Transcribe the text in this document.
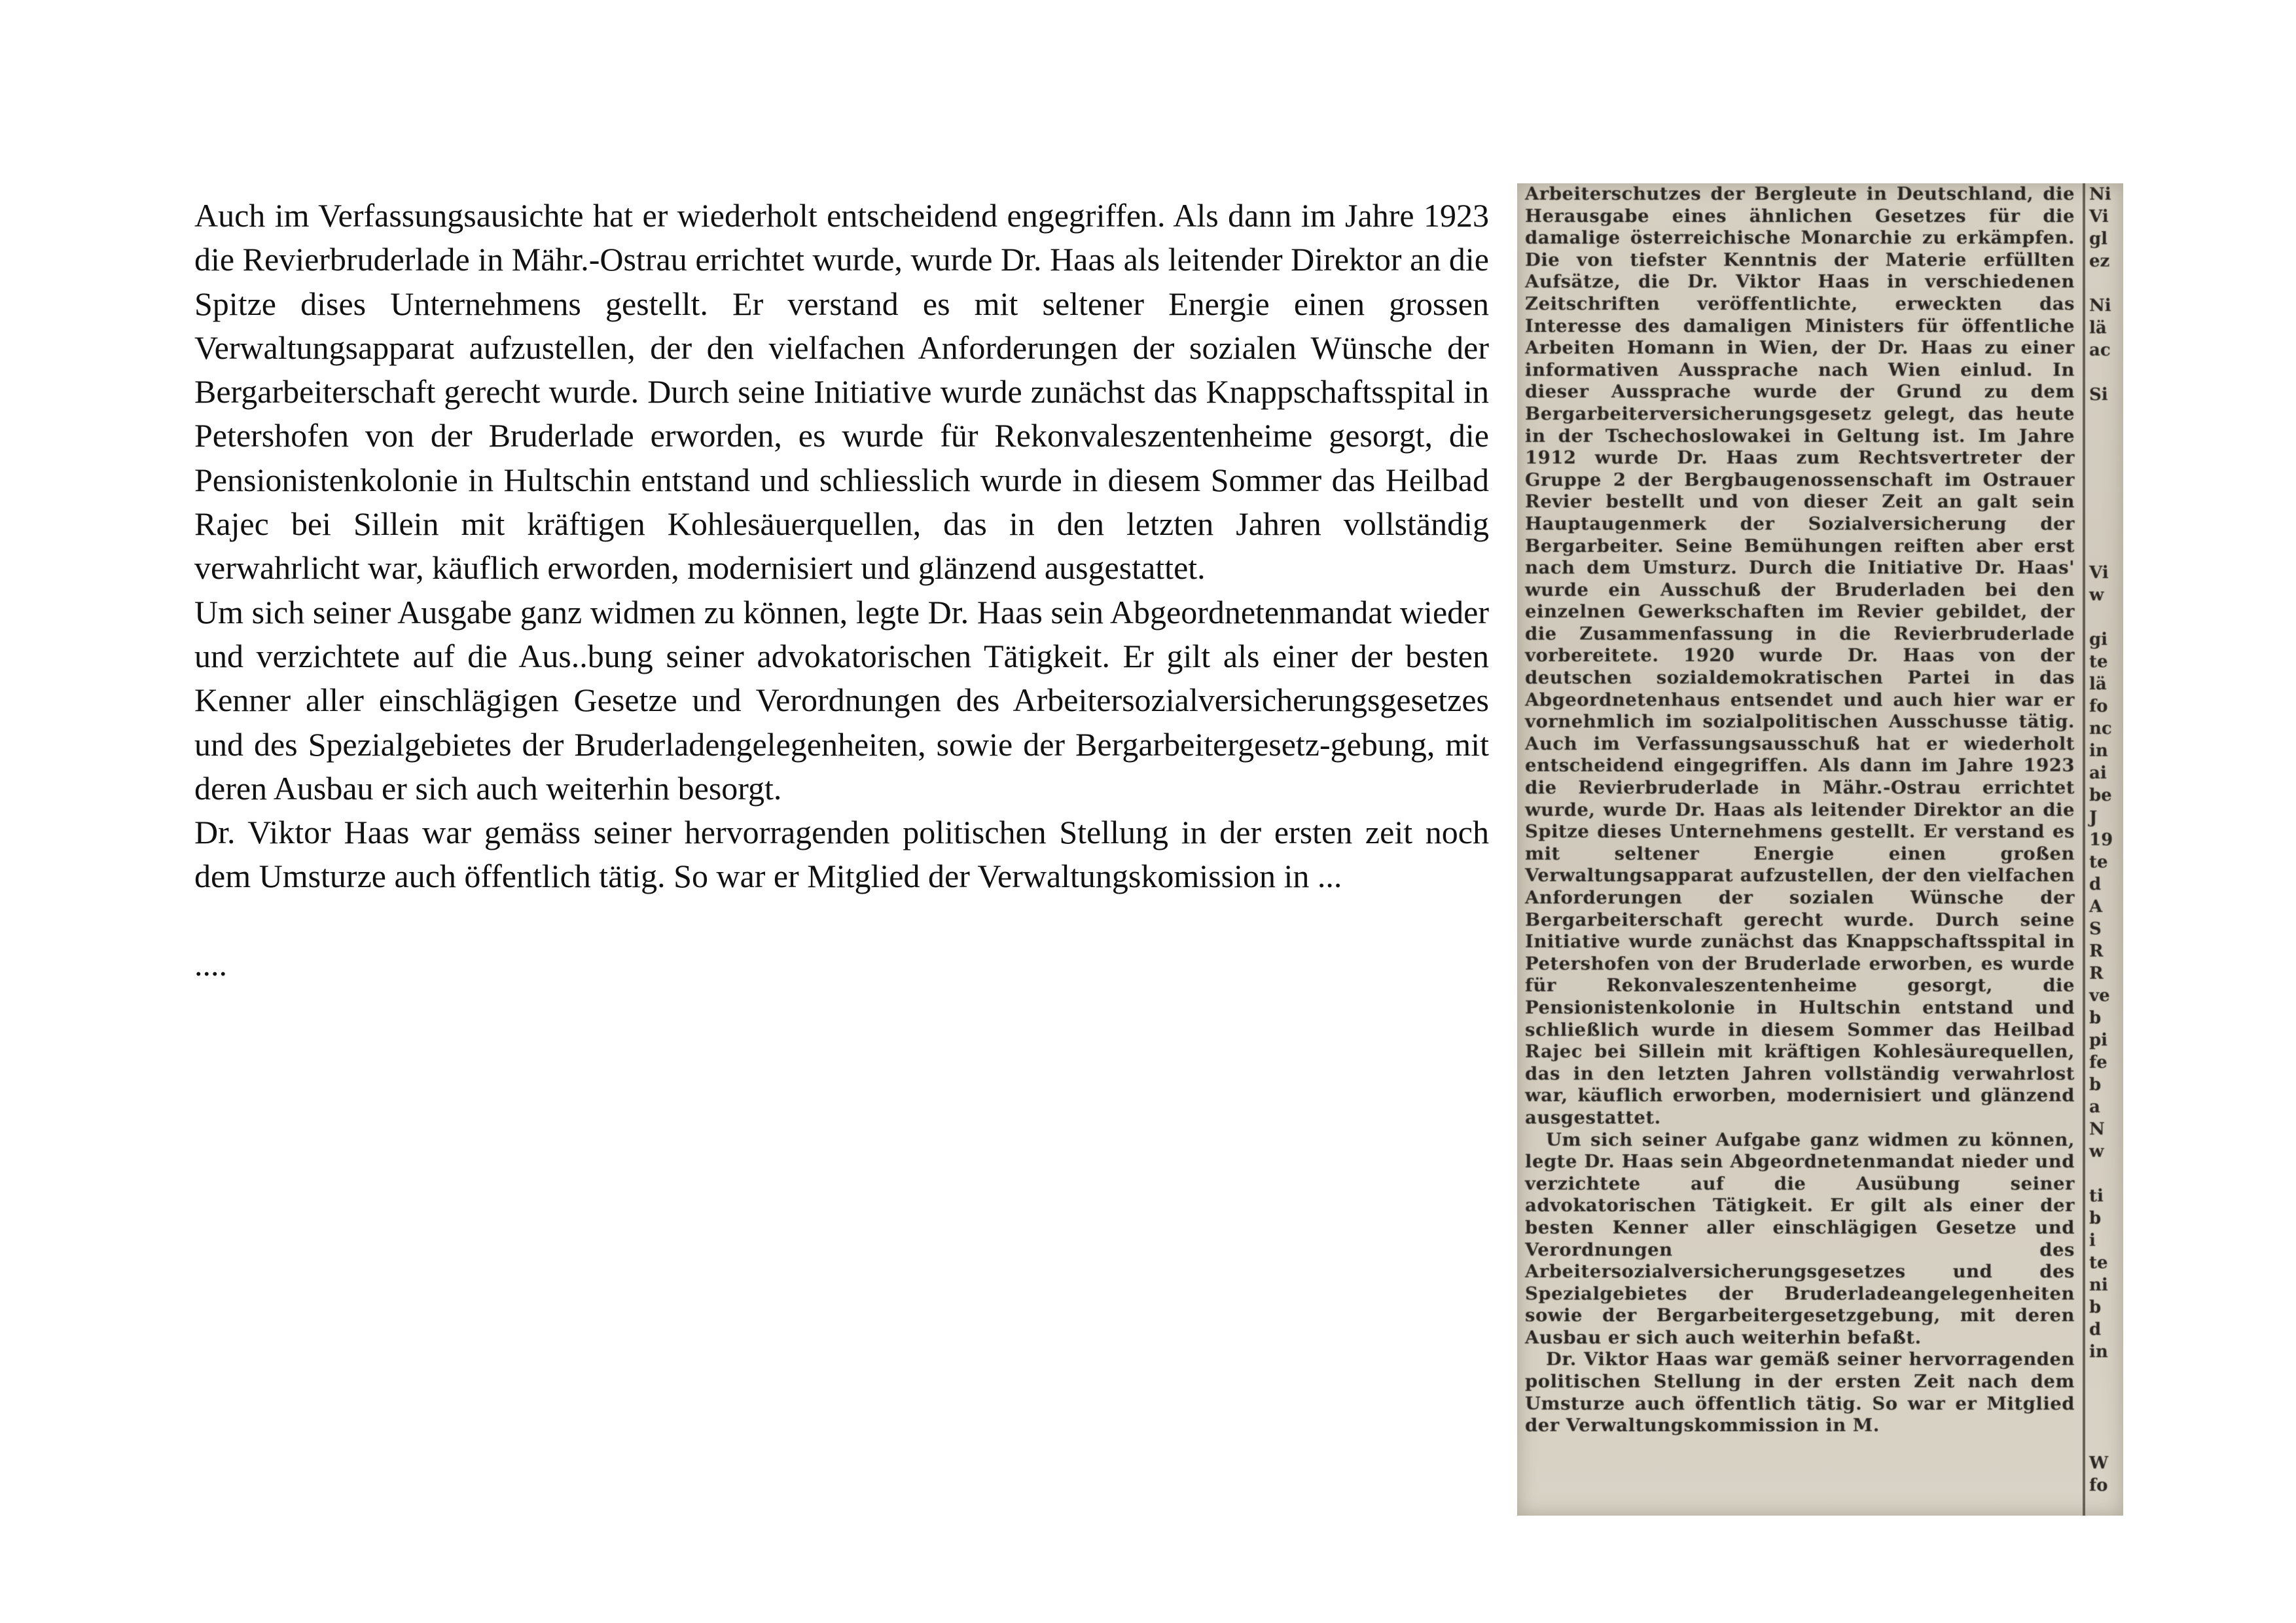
Auch im Verfassungsausichte hat er wiederholt entscheidend engegriffen. Als dann im Jahre 1923 die Revierbruderlade in Mähr.-Ostrau errichtet wurde, wurde Dr. Haas als leitender Direktor an die Spitze dises Unternehmens gestellt. Er verstand es mit seltener Energie einen grossen Verwaltungsapparat aufzustellen, der den vielfachen Anforderungen der sozialen Wünsche der Bergarbeiterschaft gerecht wurde. Durch seine Initiative wurde zunächst das Knappschaftsspital in Petershofen von der Bruderlade erworden, es wurde für Rekonvaleszentenheime gesorgt, die Pensionistenkolonie in Hultschin entstand und schliesslich wurde in diesem Sommer das Heilbad Rajec bei Sillein mit kräftigen Kohlesäuerquellen, das in den letzten Jahren vollständig verwahrlicht war, käuflich erworden, modernisiert und glänzend ausgestattet.

Um sich seiner Ausgabe ganz widmen zu können, legte Dr. Haas sein Abgeordnetenmandat wieder und verzichtete auf die Aus..bung seiner advokatorischen Tätigkeit. Er gilt als einer der besten Kenner aller einschlägigen Gesetze und Verordnungen des Arbeitersozialversicherungsgesetzes und des Spezialgebietes der Bruderladengelegenheiten, sowie der Bergarbeitergesetz-gebung, mit deren Ausbau er sich auch weiterhin besorgt.

Dr. Viktor Haas war gemäss seiner hervorragenden politischen Stellung in der ersten zeit noch dem Umsturze auch öffentlich tätig. So war er Mitglied der Verwaltungskomission in ...

....

Arbeiterschutzes der Bergleute in Deutschland, die Herausgabe eines ähnlichen Gesetzes für die damalige österreichische Monarchie zu erkämpfen. Die von tiefster Kenntnis der Materie erfüllten Aufsätze, die Dr. Viktor Haas in verschiedenen Zeitschriften veröffentlichte, erweckten das Interesse des damaligen Ministers für öffentliche Arbeiten Homann in Wien, der Dr. Haas zu einer informativen Aussprache nach Wien einlud. In dieser Aussprache wurde der Grund zu dem Bergarbeiterversicherungsgesetz gelegt, das heute in der Tschechoslowakei in Geltung ist. Im Jahre 1912 wurde Dr. Haas zum Rechtsvertreter der Gruppe 2 der Bergbaugenossenschaft im Ostrauer Revier bestellt und von dieser Zeit an galt sein Hauptaugenmerk der Sozialversicherung der Bergarbeiter. Seine Bemühungen reiften aber erst nach dem Umsturz. Durch die Initiative Dr. Haas' wurde ein Ausschuß der Bruderladen bei den einzelnen Gewerkschaften im Revier gebildet, der die Zusammenfassung in die Revierbruderlade vorbereitete. 1920 wurde Dr. Haas von der deutschen sozialdemokratischen Partei in das Abgeordnetenhaus entsendet und auch hier war er vornehmlich im sozialpolitischen Ausschusse tätig. Auch im Verfassungsausschuß hat er wiederholt entscheidend eingegriffen. Als dann im Jahre 1923 die Revierbruderlade in Mähr.-Ostrau errichtet wurde, wurde Dr. Haas als leitender Direktor an die Spitze dieses Unternehmens gestellt. Er verstand es mit seltener Energie einen großen Verwaltungsapparat aufzustellen, der den vielfachen Anforderungen der sozialen Wünsche der Bergarbeiterschaft gerecht wurde. Durch seine Initiative wurde zunächst das Knappschaftsspital in Petershofen von der Bruderlade erworben, es wurde für Rekonvaleszentenheime gesorgt, die Pensionistenkolonie in Hultschin entstand und schließlich wurde in diesem Sommer das Heilbad Rajec bei Sillein mit kräftigen Kohlesäurequellen, das in den letzten Jahren vollständig verwahrlost war, käuflich erworben, modernisiert und glänzend ausgestattet.

Um sich seiner Aufgabe ganz widmen zu können, legte Dr. Haas sein Abgeordnetenmandat nieder und verzichtete auf die Ausübung seiner advokatorischen Tätigkeit. Er gilt als einer der besten Kenner aller einschlägigen Gesetze und Verordnungen des Arbeitersozialversicherungsgesetzes und des Spezialgebietes der Bruderladeangelegenheiten sowie der Bergarbeitergesetzgebung, mit deren Ausbau er sich auch weiterhin befaßt.

Dr. Viktor Haas war gemäß seiner hervorragenden politischen Stellung in der ersten Zeit nach dem Umsturze auch öffentlich tätig. So war er Mitglied der Verwaltungskommission in M.

Ni
Vi
gl
ez
Ni
lä
ac
Si
Vi
w
gi
te
lä
fo
nc
in
ai
be
J
19
te
d
A
S
R
R
ve
b
pi
fe
b
a
N
w
ti
b
i
te
ni
b
d
in
W
fo
